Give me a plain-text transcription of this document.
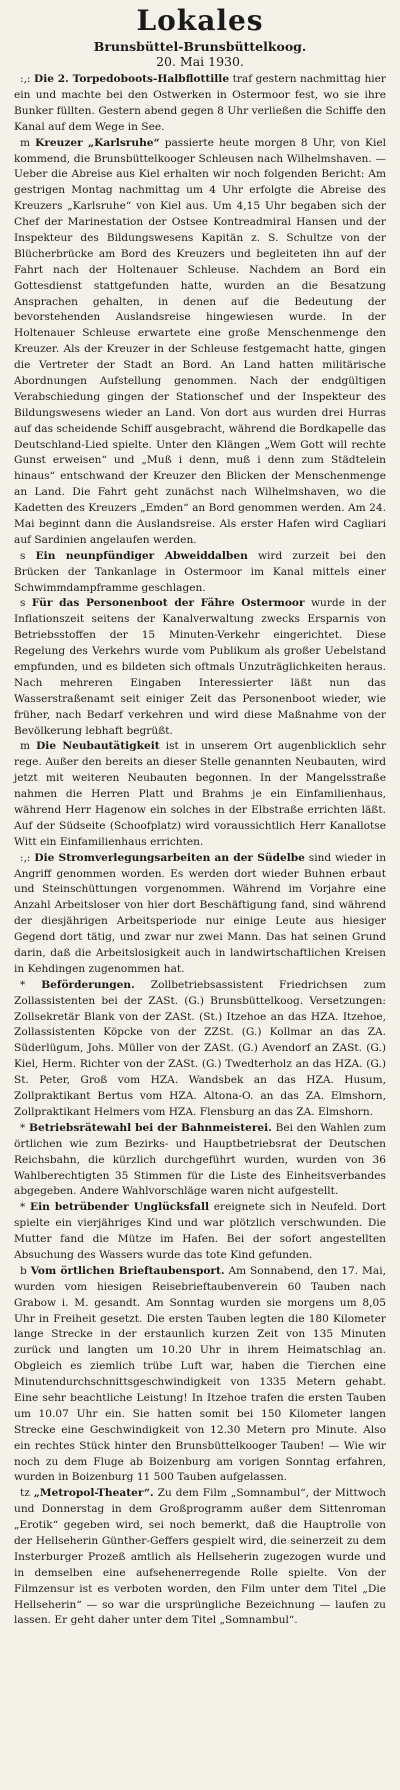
Lokales

Brunsbüttel-Brunsbüttelkoog.

20. Mai 1930.

:,: Die 2. Torpedoboots-Halbflottille traf gestern nachmittag hier ein und machte bei den Ostwerken in Ostermoor fest, wo sie ihre Bunker füllten. Gestern abend gegen 8 Uhr verließen die Schiffe den Kanal auf dem Wege in See.

m Kreuzer „Karlsruhe“ passierte heute morgen 8 Uhr, von Kiel kommend, die Brunsbüttelkooger Schleusen nach Wilhelmshaven. — Ueber die Abreise aus Kiel erhalten wir noch folgenden Bericht: Am gestrigen Montag nachmittag um 4 Uhr erfolgte die Abreise des Kreuzers „Karlsruhe“ von Kiel aus. Um 4,15 Uhr begaben sich der Chef der Marinestation der Ostsee Kontreadmiral Hansen und der Inspekteur des Bildungswesens Kapitän z. S. Schultze von der Blücherbrücke am Bord des Kreuzers und begleiteten ihn auf der Fahrt nach der Holtenauer Schleuse. Nachdem an Bord ein Gottesdienst stattgefunden hatte, wurden an die Besatzung Ansprachen gehalten, in denen auf die Bedeutung der bevorstehenden Auslandsreise hingewiesen wurde. In der Holtenauer Schleuse erwartete eine große Menschenmenge den Kreuzer. Als der Kreuzer in der Schleuse festgemacht hatte, gingen die Vertreter der Stadt an Bord. An Land hatten militärische Abordnungen Aufstellung genommen. Nach der endgültigen Verabschiedung gingen der Stationschef und der Inspekteur des Bildungswesens wieder an Land. Von dort aus wurden drei Hurras auf das scheidende Schiff ausgebracht, während die Bordkapelle das Deutschland-Lied spielte. Unter den Klängen „Wem Gott will rechte Gunst erweisen“ und „Muß i denn, muß i denn zum Städtelein hinaus“ entschwand der Kreuzer den Blicken der Menschenmenge an Land. Die Fahrt geht zunächst nach Wilhelmshaven, wo die Kadetten des Kreuzers „Emden“ an Bord genommen werden. Am 24. Mai beginnt dann die Auslandsreise. Als erster Hafen wird Cagliari auf Sardinien angelaufen werden.

s Ein neunpfündiger Abweiddalben wird zurzeit bei den Brücken der Tankanlage in Ostermoor im Kanal mittels einer Schwimmdampframme geschlagen.

s Für das Personenboot der Fähre Ostermoor wurde in der Inflationszeit seitens der Kanalverwaltung zwecks Ersparnis von Betriebsstoffen der 15 Minuten-Verkehr eingerichtet. Diese Regelung des Verkehrs wurde vom Publikum als großer Uebelstand empfunden, und es bildeten sich oftmals Unzuträglichkeiten heraus. Nach mehreren Eingaben Interessierter läßt nun das Wasserstraßenamt seit einiger Zeit das Personenboot wieder, wie früher, nach Bedarf verkehren und wird diese Maßnahme von der Bevölkerung lebhaft begrüßt.

m Die Neubautätigkeit ist in unserem Ort augenblicklich sehr rege. Außer den bereits an dieser Stelle genannten Neubauten, wird jetzt mit weiteren Neubauten begonnen. In der Mangelsstraße nahmen die Herren Platt und Brahms je ein Einfamilienhaus, während Herr Hagenow ein solches in der Elbstraße errichten läßt. Auf der Südseite (Schoofplatz) wird voraussichtlich Herr Kanallotse Witt ein Einfamilienhaus errichten.

:,: Die Stromverlegungsarbeiten an der Südelbe sind wieder in Angriff genommen worden. Es werden dort wieder Buhnen erbaut und Steinschüttungen vorgenommen. Während im Vorjahre eine Anzahl Arbeitsloser von hier dort Beschäftigung fand, sind während der diesjährigen Arbeitsperiode nur einige Leute aus hiesiger Gegend dort tätig, und zwar nur zwei Mann. Das hat seinen Grund darin, daß die Arbeitslosigkeit auch in landwirtschaftlichen Kreisen in Kehdingen zugenommen hat.

* Beförderungen. Zollbetriebsassistent Friedrichsen zum Zollassistenten bei der ZASt. (G.) Brunsbüttelkoog. Versetzungen: Zollsekretär Blank von der ZASt. (St.) Itzehoe an das HZA. Itzehoe, Zollassistenten Köpcke von der ZZSt. (G.) Kollmar an das ZA. Süderlügum, Johs. Müller von der ZASt. (G.) Avendorf an ZASt. (G.) Kiel, Herm. Richter von der ZASt. (G.) Twedterholz an das HZA. (G.) St. Peter, Groß vom HZA. Wandsbek an das HZA. Husum, Zollpraktikant Bertus vom HZA. Altona-O. an das ZA. Elmshorn, Zollpraktikant Helmers vom HZA. Flensburg an das ZA. Elmshorn.

* Betriebsrätewahl bei der Bahnmeisterei. Bei den Wahlen zum örtlichen wie zum Bezirks- und Hauptbetriebsrat der Deutschen Reichsbahn, die kürzlich durchgeführt wurden, wurden von 36 Wahlberechtigten 35 Stimmen für die Liste des Einheitsverbandes abgegeben. Andere Wahlvorschläge waren nicht aufgestellt.

* Ein betrübender Unglücksfall ereignete sich in Neufeld. Dort spielte ein vierjähriges Kind und war plötzlich verschwunden. Die Mutter fand die Mütze im Hafen. Bei der sofort angestellten Absuchung des Wassers wurde das tote Kind gefunden.

b Vom örtlichen Brieftaubensport. Am Sonnabend, den 17. Mai, wurden vom hiesigen Reisebrieftaubenverein 60 Tauben nach Grabow i. M. gesandt. Am Sonntag wurden sie morgens um 8,05 Uhr in Freiheit gesetzt. Die ersten Tauben legten die 180 Kilometer lange Strecke in der erstaunlich kurzen Zeit von 135 Minuten zurück und langten um 10.20 Uhr in ihrem Heimatschlag an. Obgleich es ziemlich trübe Luft war, haben die Tierchen eine Minutendurchschnittsgeschwindigkeit von 1335 Metern gehabt. Eine sehr beachtliche Leistung! In Itzehoe trafen die ersten Tauben um 10.07 Uhr ein. Sie hatten somit bei 150 Kilometer langen Strecke eine Geschwindigkeit von 12.30 Metern pro Minute. Also ein rechtes Stück hinter den Brunsbüttelkooger Tauben! — Wie wir noch zu dem Fluge ab Boizenburg am vorigen Sonntag erfahren, wurden in Boizenburg 11 500 Tauben aufgelassen.

tz „Metropol-Theater“. Zu dem Film „Somnambul“, der Mittwoch und Donnerstag in dem Großprogramm außer dem Sittenroman „Erotik“ gegeben wird, sei noch bemerkt, daß die Hauptrolle von der Hellseherin Günther-Geffers gespielt wird, die seinerzeit zu dem Insterburger Prozeß amtlich als Hellseherin zugezogen wurde und in demselben eine aufsehenerregende Rolle spielte. Von der Filmzensur ist es verboten worden, den Film unter dem Titel „Die Hellseherin“ — so war die ursprüngliche Bezeichnung — laufen zu lassen. Er geht daher unter dem Titel „Somnambul“.
